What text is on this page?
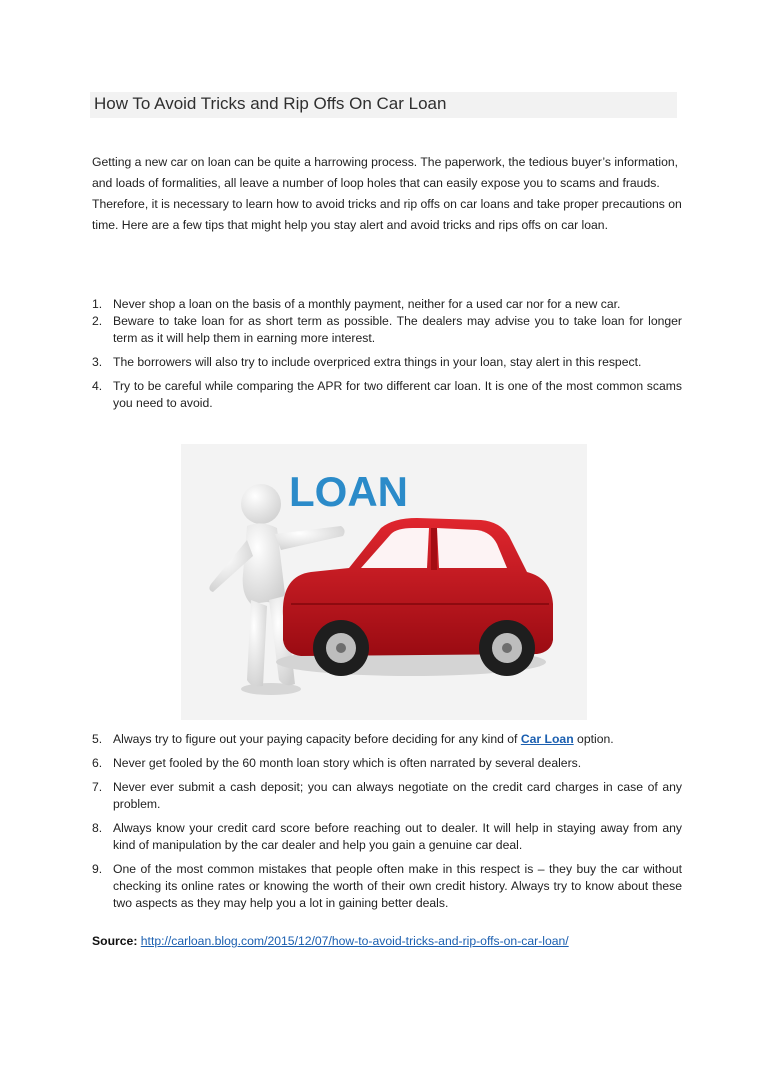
How To Avoid Tricks and Rip Offs On Car Loan
Getting a new car on loan can be quite a harrowing process. The paperwork, the tedious buyer’s information, and loads of formalities, all leave a number of loop holes that can easily expose you to scams and frauds. Therefore, it is necessary to learn how to avoid tricks and rip offs on car loans and take proper precautions on time. Here are a few tips that might help you stay alert and avoid tricks and rips offs on car loan.
1. Never shop a loan on the basis of a monthly payment, neither for a used car nor for a new car.
2. Beware to take loan for as short term as possible. The dealers may advise you to take loan for longer term as it will help them in earning more interest.
3. The borrowers will also try to include overpriced extra things in your loan, stay alert in this respect.
4. Try to be careful while comparing the APR for two different car loan. It is one of the most common scams you need to avoid.
LOAN
5. Always try to figure out your paying capacity before deciding for any kind of Car Loan option.
6. Never get fooled by the 60 month loan story which is often narrated by several dealers.
7. Never ever submit a cash deposit; you can always negotiate on the credit card charges in case of any problem.
8. Always know your credit card score before reaching out to dealer. It will help in staying away from any kind of manipulation by the car dealer and help you gain a genuine car deal.
9. One of the most common mistakes that people often make in this respect is – they buy the car without checking its online rates or knowing the worth of their own credit history. Always try to know about these two aspects as they may help you a lot in gaining better deals.
Source: http://carloan.blog.com/2015/12/07/how-to-avoid-tricks-and-rip-offs-on-car-loan/
